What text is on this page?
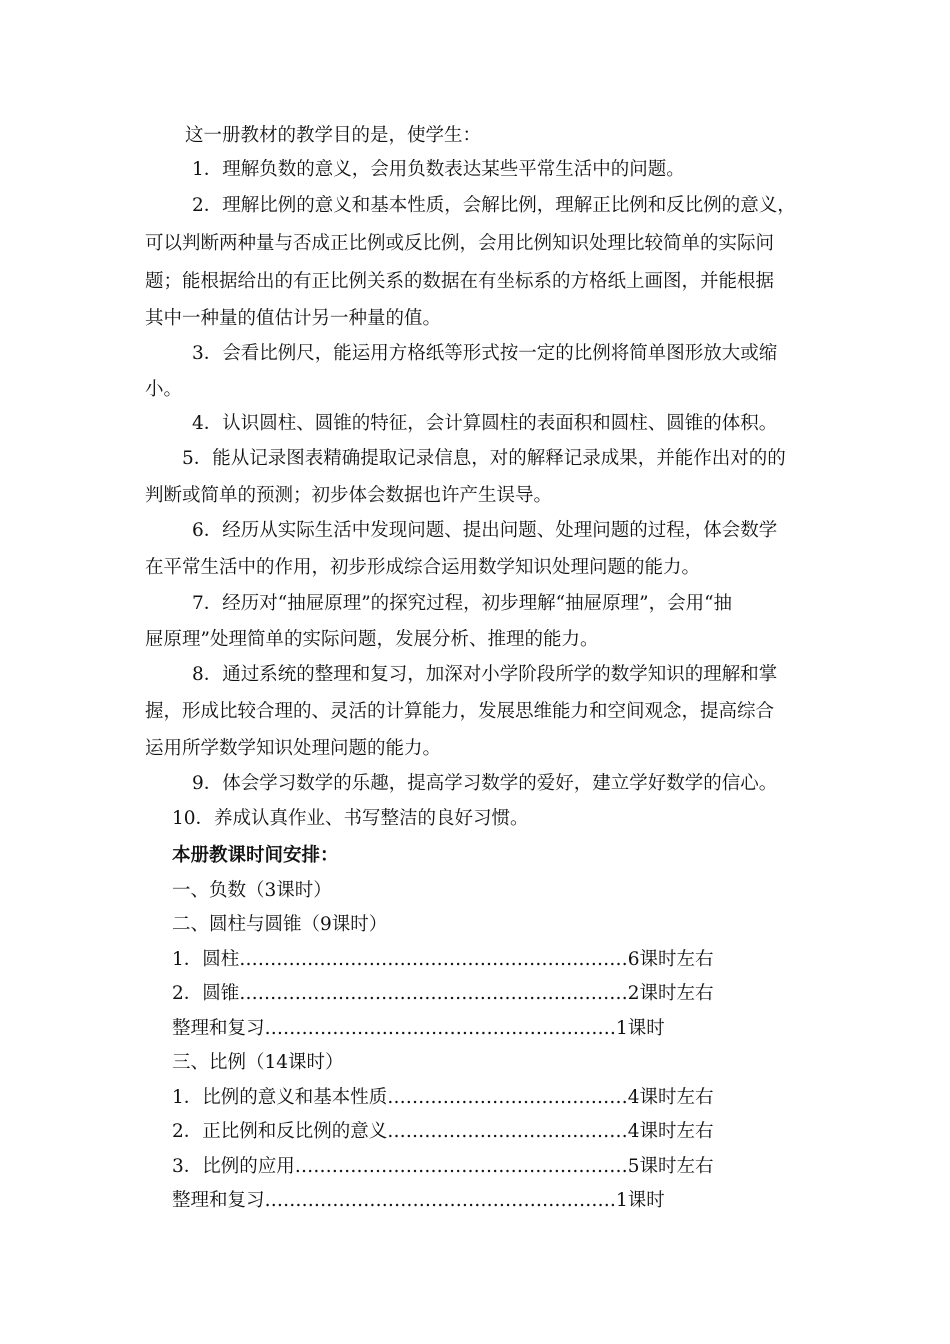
这一册教材的教学目的是，使学生：

1．理解负数的意义，会用负数表达某些平常生活中的问题。

2．理解比例的意义和基本性质，会解比例，理解正比例和反比例的意义，

可以判断两种量与否成正比例或反比例，会用比例知识处理比较简单的实际问

题；能根据给出的有正比例关系的数据在有坐标系的方格纸上画图，并能根据

其中一种量的值估计另一种量的值。

3．会看比例尺，能运用方格纸等形式按一定的比例将简单图形放大或缩

小。

4．认识圆柱、圆锥的特征，会计算圆柱的表面积和圆柱、圆锥的体积。

5．能从记录图表精确提取记录信息，对的解释记录成果，并能作出对的的

判断或简单的预测；初步体会数据也许产生误导。

6．经历从实际生活中发现问题、提出问题、处理问题的过程，体会数学

在平常生活中的作用，初步形成综合运用数学知识处理问题的能力。

7．经历对“抽屉原理”的探究过程，初步理解“抽屉原理”，会用“抽

屉原理”处理简单的实际问题，发展分析、推理的能力。

8．通过系统的整理和复习，加深对小学阶段所学的数学知识的理解和掌

握，形成比较合理的、灵活的计算能力，发展思维能力和空间观念，提高综合

运用所学数学知识处理问题的能力。

9．体会学习数学的乐趣，提高学习数学的爱好，建立学好数学的信心。

10．养成认真作业、书写整洁的良好习惯。

本册教课时间安排：

一、负数（3课时）

二、圆柱与圆锥（9课时）

1．圆柱………………………………………………………6课时左右

2．圆锥………………………………………………………2课时左右

整理和复习…………………………………………………1课时

三、比例（14课时）

1．比例的意义和基本性质…………………………………4课时左右

2．正比例和反比例的意义…………………………………4课时左右

3．比例的应用………………………………………………5课时左右

整理和复习…………………………………………………1课时
